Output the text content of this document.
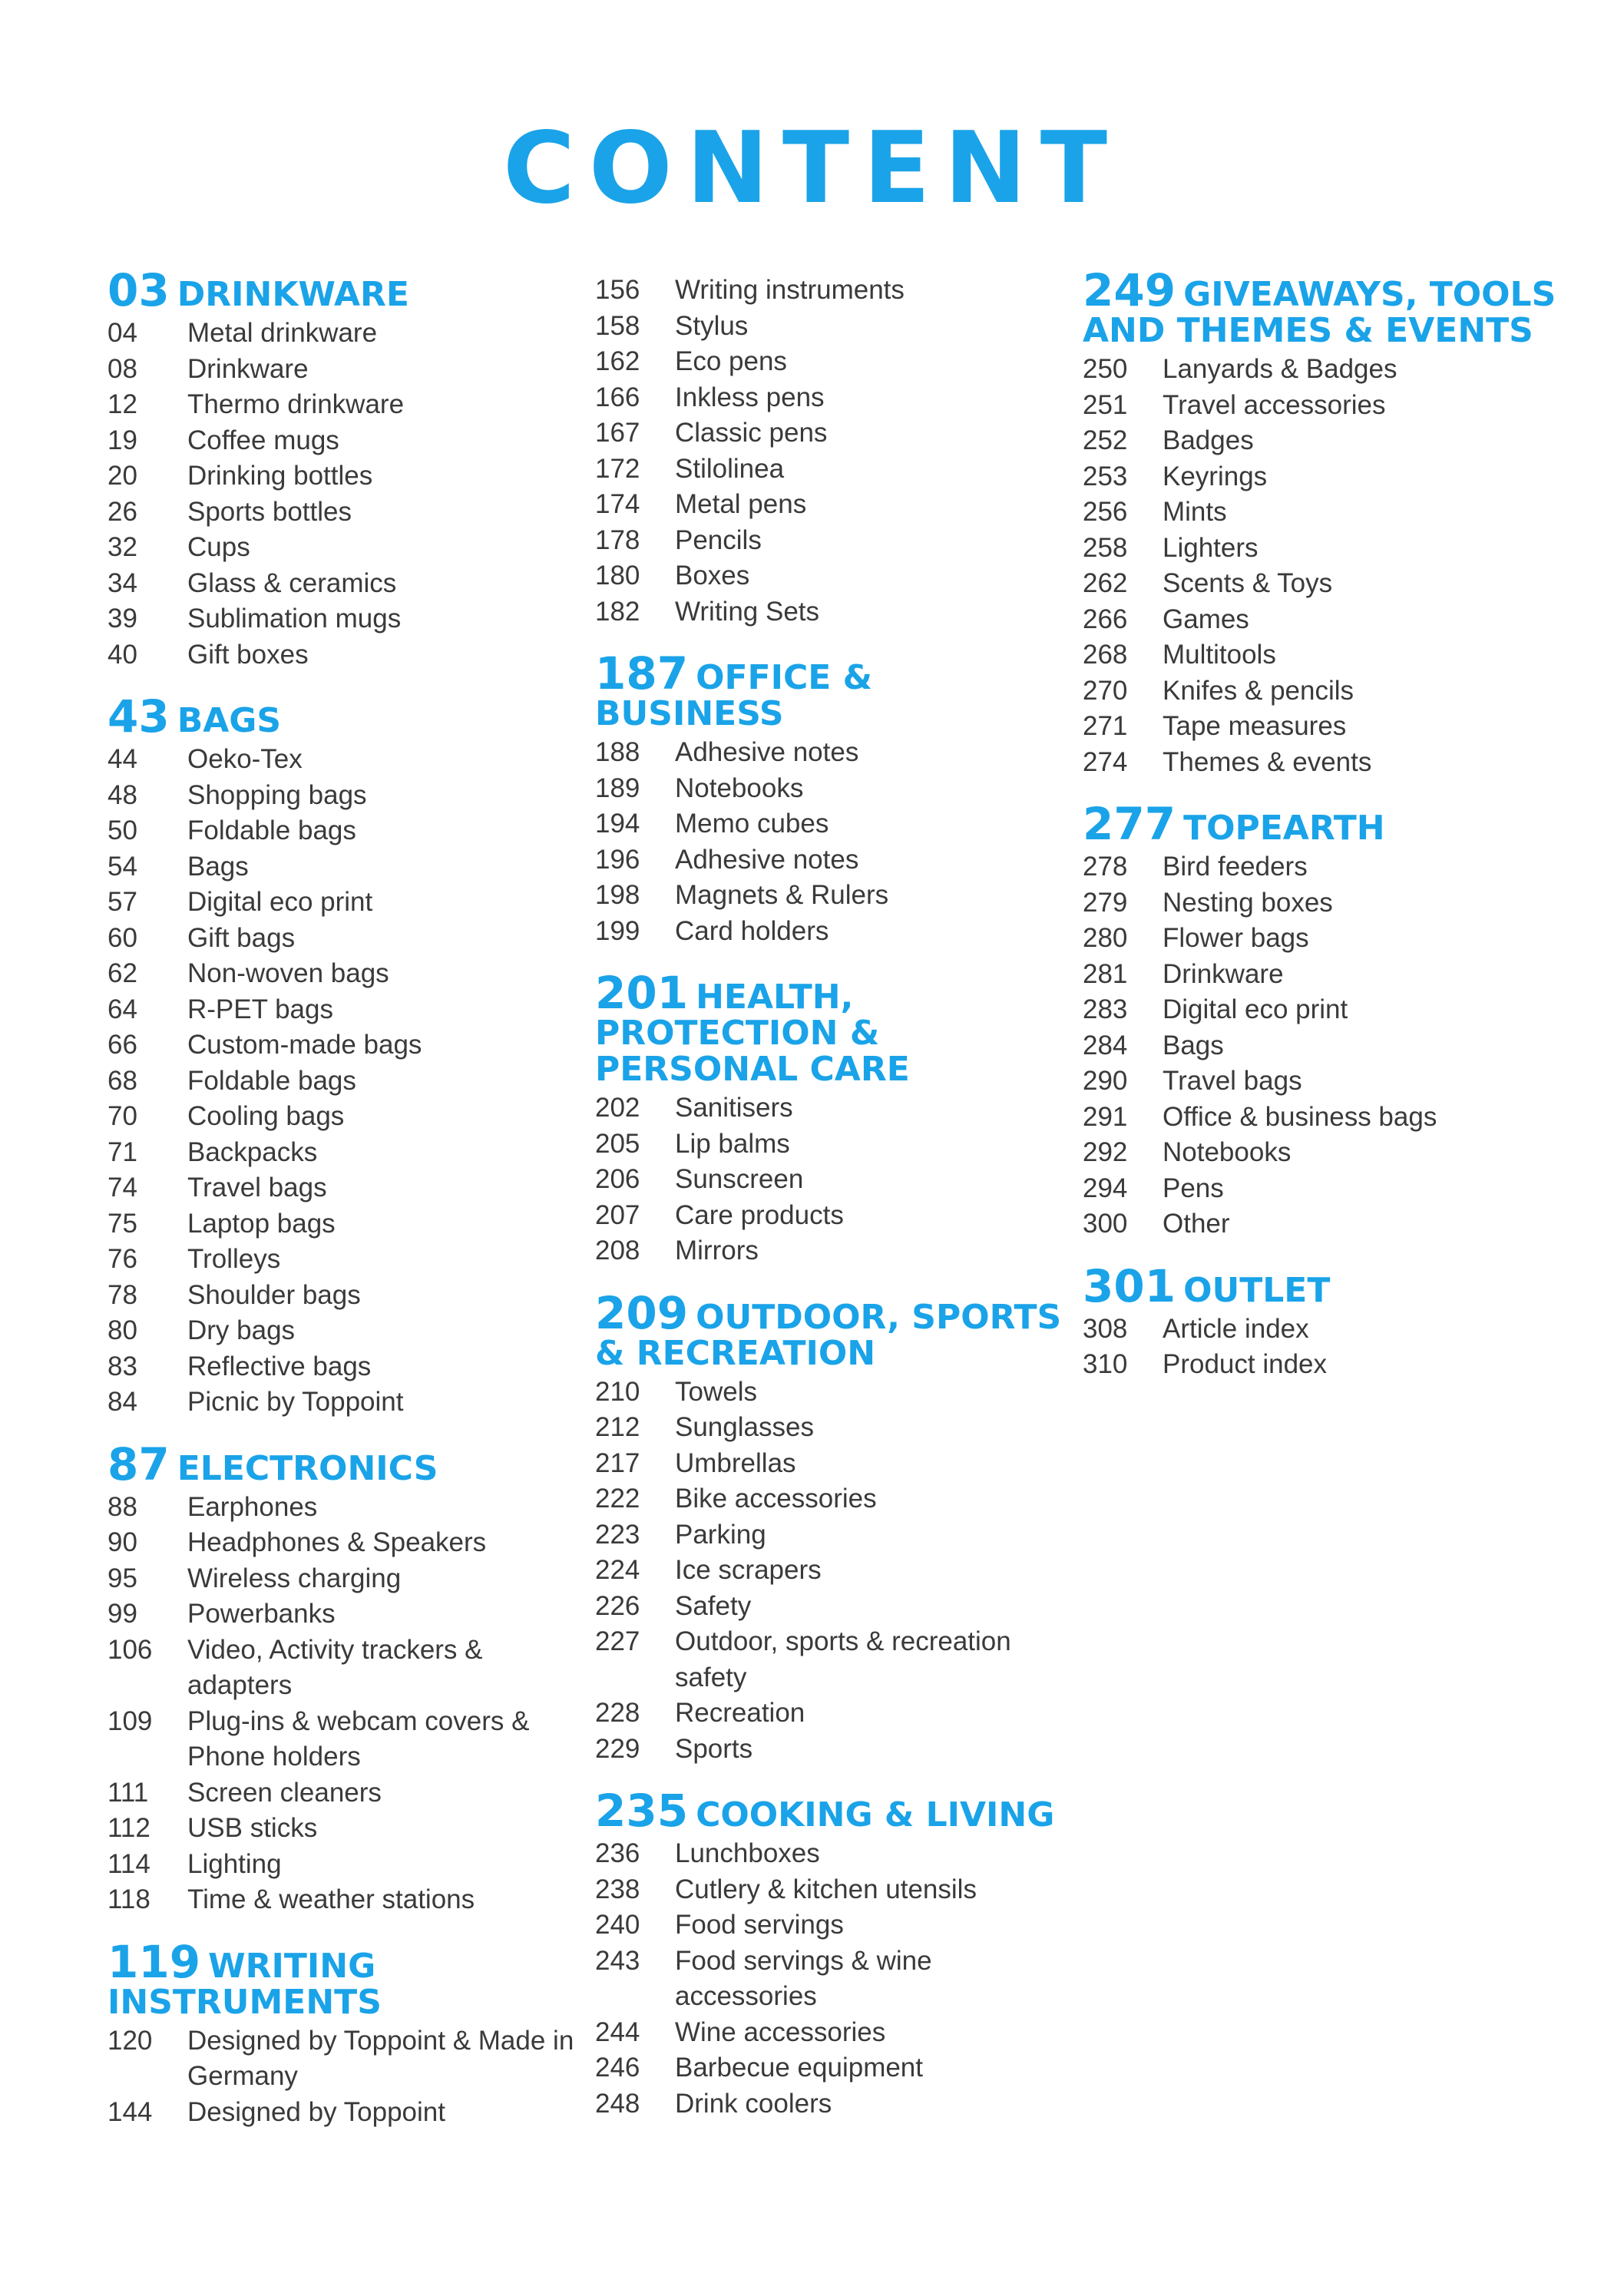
CONTENT
03 DRINKWARE
04	Metal drinkware
08	Drinkware
12	Thermo drinkware
19	Coffee mugs
20	Drinking bottles
26	Sports bottles
32	Cups
34	Glass & ceramics
39	Sublimation mugs
40	Gift boxes
43 BAGS
44	Oeko-Tex
48	Shopping bags
50	Foldable bags
54	Bags
57	Digital eco print
60	Gift bags
62	Non-woven bags
64	R-PET bags
66	Custom-made bags
68	Foldable bags
70	Cooling bags
71	Backpacks
74	Travel bags
75	Laptop bags
76	Trolleys
78	Shoulder bags
80	Dry bags
83	Reflective bags
84	Picnic by Toppoint
87 ELECTRONICS
88	Earphones
90	Headphones & Speakers
95	Wireless charging
99	Powerbanks
106	Video, Activity trackers & adapters
109	Plug-ins & webcam covers & Phone holders
111	Screen cleaners
112	USB sticks
114	Lighting
118	Time & weather stations
119 WRITING INSTRUMENTS
120	Designed by Toppoint & Made in Germany
144	Designed by Toppoint
156	Writing instruments
158	Stylus
162	Eco pens
166	Inkless pens
167	Classic pens
172	Stilolinea
174	Metal pens
178	Pencils
180	Boxes
182	Writing Sets
187 OFFICE & BUSINESS
188	Adhesive notes
189	Notebooks
194	Memo cubes
196	Adhesive notes
198	Magnets & Rulers
199	Card holders
201 HEALTH, PROTECTION & PERSONAL CARE
202	Sanitisers
205	Lip balms
206	Sunscreen
207	Care products
208	Mirrors
209 OUTDOOR, SPORTS & RECREATION
210	Towels
212	Sunglasses
217	Umbrellas
222	Bike accessories
223	Parking
224	Ice scrapers
226	Safety
227	Outdoor, sports & recreation safety
228	Recreation
229	Sports
235 COOKING & LIVING
236	Lunchboxes
238	Cutlery & kitchen utensils
240	Food servings
243	Food servings & wine accessories
244	Wine accessories
246	Barbecue equipment
248	Drink coolers
249 GIVEAWAYS, TOOLS AND THEMES & EVENTS
250	Lanyards & Badges
251	Travel accessories
252	Badges
253	Keyrings
256	Mints
258	Lighters
262	Scents & Toys
266	Games
268	Multitools
270	Knifes & pencils
271	Tape measures
274	Themes & events
277 TOPEARTH
278	Bird feeders
279	Nesting boxes
280	Flower bags
281	Drinkware
283	Digital eco print
284	Bags
290	Travel bags
291	Office & business bags
292	Notebooks
294	Pens
300	Other
301 OUTLET
308	Article index
310	Product index
